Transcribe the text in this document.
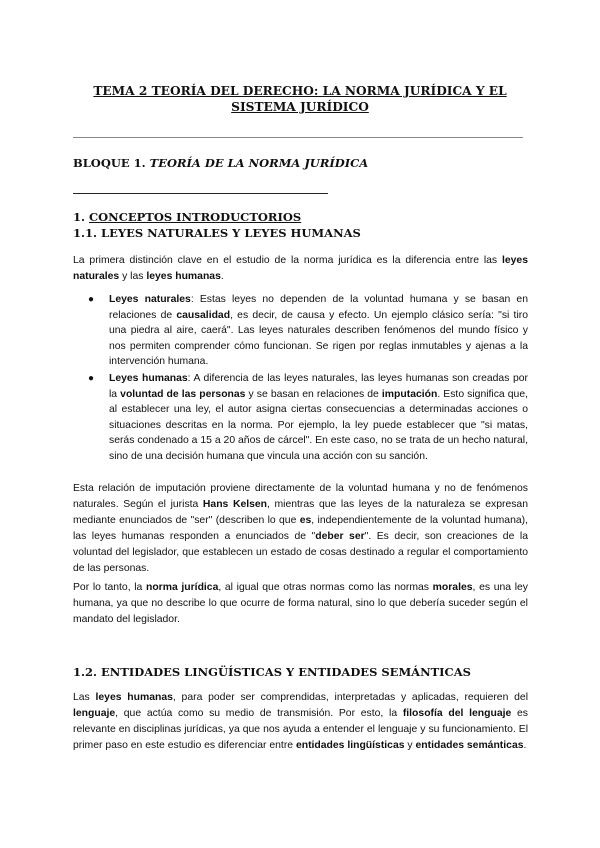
TEMA 2 TEORÍA DEL DERECHO: LA NORMA JURÍDICA Y EL SISTEMA JURÍDICO
BLOQUE 1. TEORÍA DE LA NORMA JURÍDICA
1. CONCEPTOS INTRODUCTORIOS
1.1. LEYES NATURALES Y LEYES HUMANAS

La primera distinción clave en el estudio de la norma jurídica es la diferencia entre las leyes naturales y las leyes humanas.

● Leyes naturales: Estas leyes no dependen de la voluntad humana y se basan en relaciones de causalidad, es decir, de causa y efecto. Un ejemplo clásico sería: "si tiro una piedra al aire, caerá". Las leyes naturales describen fenómenos del mundo físico y nos permiten comprender cómo funcionan. Se rigen por reglas inmutables y ajenas a la intervención humana.
● Leyes humanas: A diferencia de las leyes naturales, las leyes humanas son creadas por la voluntad de las personas y se basan en relaciones de imputación. Esto significa que, al establecer una ley, el autor asigna ciertas consecuencias a determinadas acciones o situaciones descritas en la norma. Por ejemplo, la ley puede establecer que "si matas, serás condenado a 15 a 20 años de cárcel". En este caso, no se trata de un hecho natural, sino de una decisión humana que vincula una acción con su sanción.

Esta relación de imputación proviene directamente de la voluntad humana y no de fenómenos naturales. Según el jurista Hans Kelsen, mientras que las leyes de la naturaleza se expresan mediante enunciados de "ser" (describen lo que es, independientemente de la voluntad humana), las leyes humanas responden a enunciados de "deber ser". Es decir, son creaciones de la voluntad del legislador, que establecen un estado de cosas destinado a regular el comportamiento de las personas.

Por lo tanto, la norma jurídica, al igual que otras normas como las normas morales, es una ley humana, ya que no describe lo que ocurre de forma natural, sino lo que debería suceder según el mandato del legislador.

1.2. ENTIDADES LINGÜÍSTICAS Y ENTIDADES SEMÁNTICAS

Las leyes humanas, para poder ser comprendidas, interpretadas y aplicadas, requieren del lenguaje, que actúa como su medio de transmisión. Por esto, la filosofía del lenguaje es relevante en disciplinas jurídicas, ya que nos ayuda a entender el lenguaje y su funcionamiento. El primer paso en este estudio es diferenciar entre entidades lingüísticas y entidades semánticas.
